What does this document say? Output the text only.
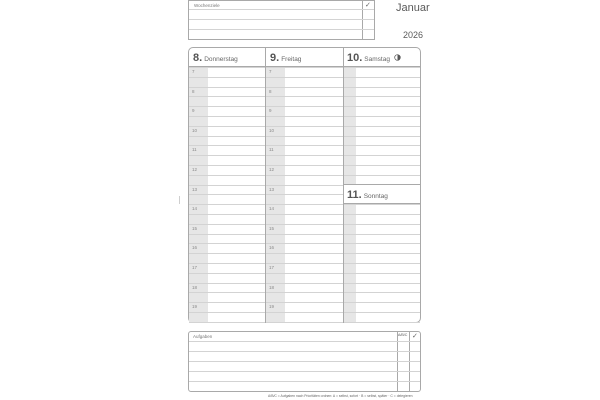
Wochenziele	✓ Januar
2026
8. Donnerstag	9. Freitag	10. Samstag
11. Sonntag
7	7
8	8
9	9
10	10
11	11
12	12
13	13
14	14
15	15
16	16
17	17
18	18
19	19
Aufgaben	A/B/C ✓
A/B/C = Aufgaben nach Prioritäten ordnen: A = selbst, sofort · B = selbst, später · C = delegieren
